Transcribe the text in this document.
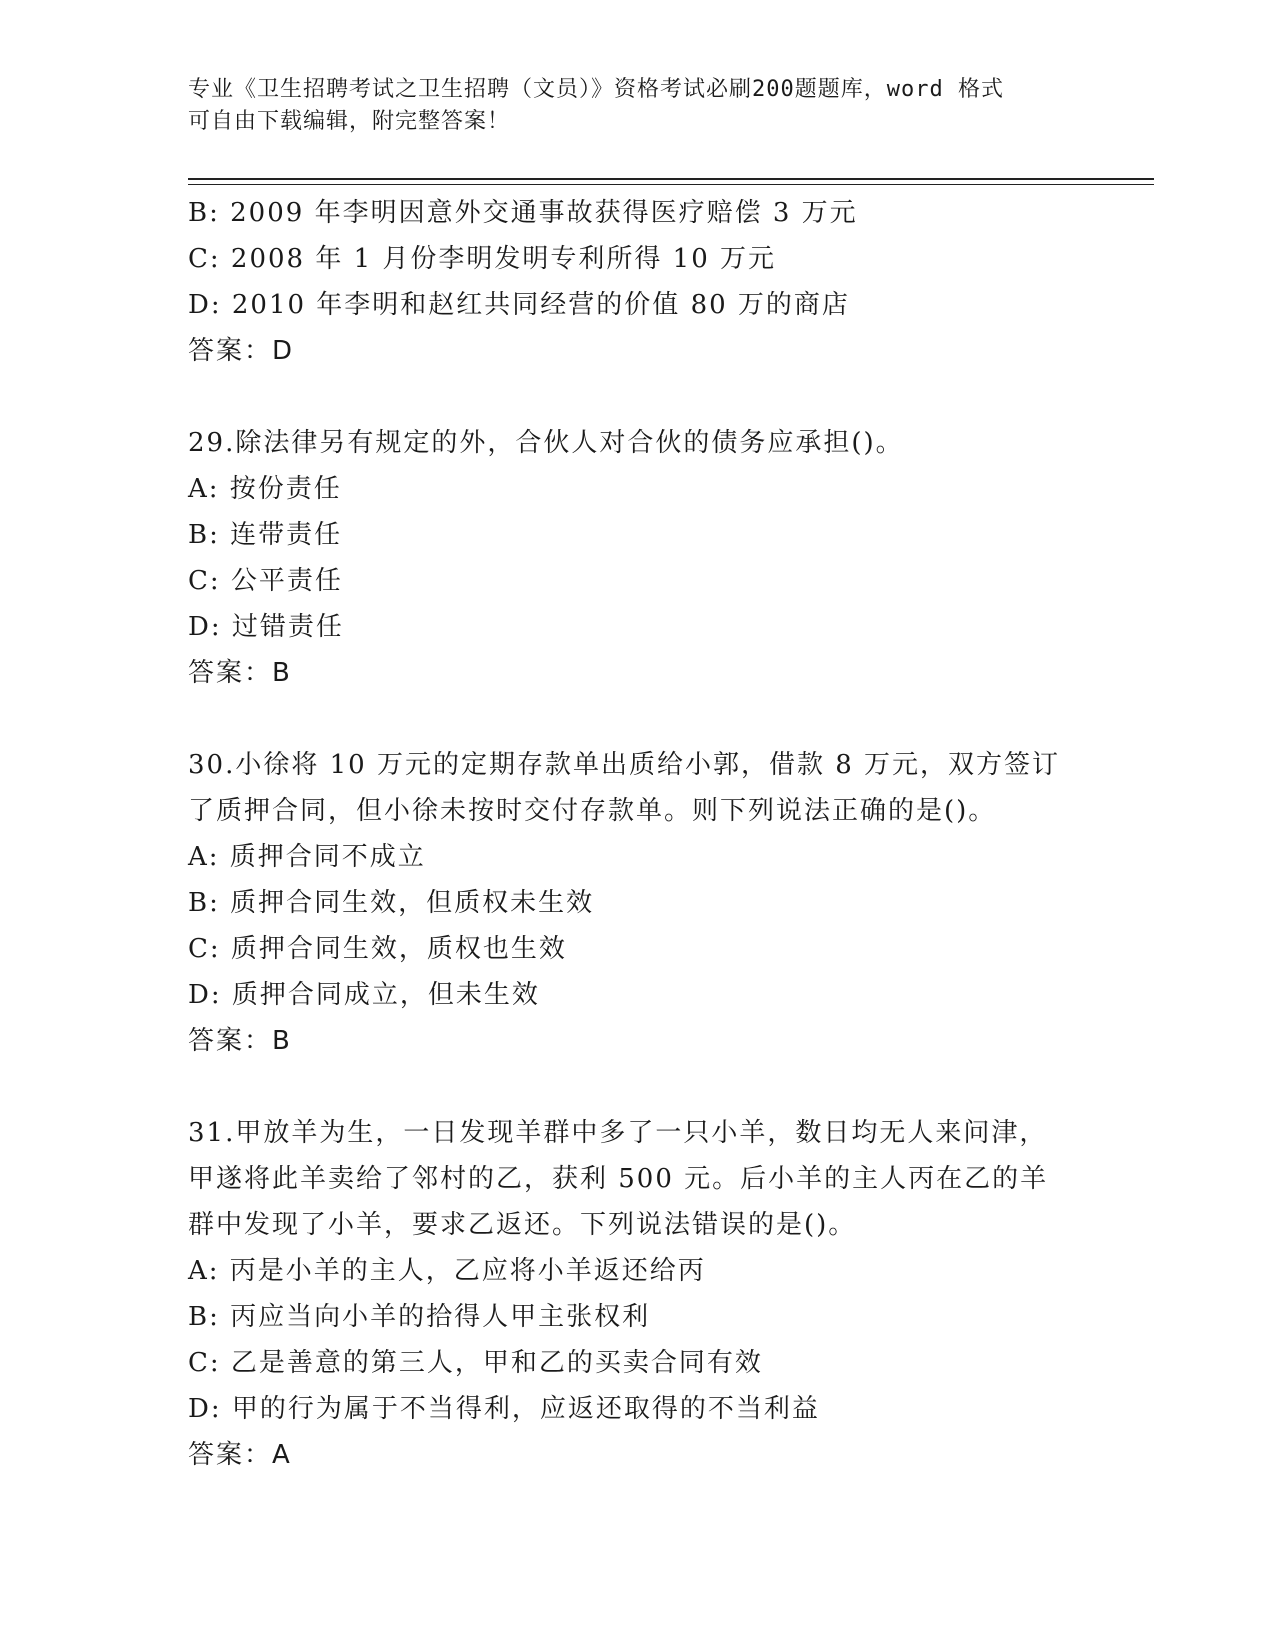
专业《卫生招聘考试之卫生招聘（文员）》资格考试必刷200题题库，word 格式
可自由下载编辑，附完整答案！
B: 2009 年李明因意外交通事故获得医疗赔偿 3 万元
C: 2008 年 1 月份李明发明专利所得 10 万元
D: 2010 年李明和赵红共同经营的价值 80 万的商店
答案：D
29.除法律另有规定的外，合伙人对合伙的债务应承担()。
A: 按份责任
B: 连带责任
C: 公平责任
D: 过错责任
答案：B
30.小徐将 10 万元的定期存款单出质给小郭，借款 8 万元，双方签订
了质押合同，但小徐未按时交付存款单。则下列说法正确的是()。
A: 质押合同不成立
B: 质押合同生效，但质权未生效
C: 质押合同生效，质权也生效
D: 质押合同成立，但未生效
答案：B
31.甲放羊为生，一日发现羊群中多了一只小羊，数日均无人来问津，
甲遂将此羊卖给了邻村的乙，获利 500 元。后小羊的主人丙在乙的羊
群中发现了小羊，要求乙返还。下列说法错误的是()。
A: 丙是小羊的主人，乙应将小羊返还给丙
B: 丙应当向小羊的拾得人甲主张权利
C: 乙是善意的第三人，甲和乙的买卖合同有效
D: 甲的行为属于不当得利，应返还取得的不当利益
答案：A
